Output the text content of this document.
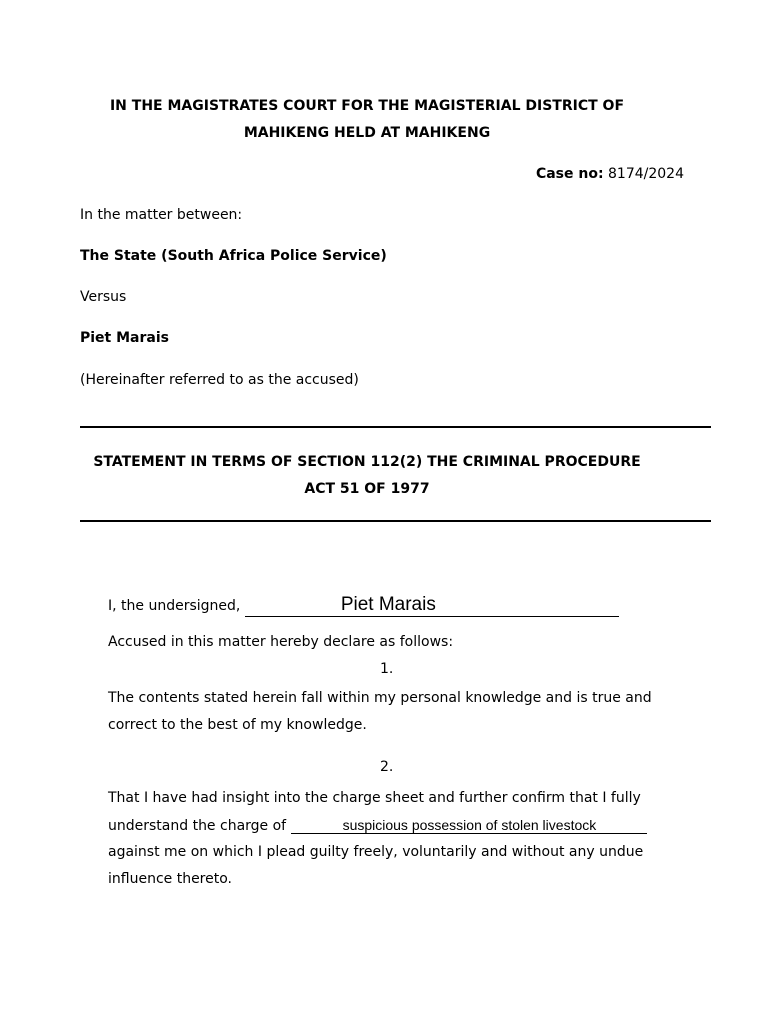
IN THE MAGISTRATES COURT FOR THE MAGISTERIAL DISTRICT OF
MAHIKENG HELD AT MAHIKENG
Case no: 8174/2024
In the matter between:
The State (South Africa Police Service)
Versus
Piet Marais
(Hereinafter referred to as the accused)
STATEMENT IN TERMS OF SECTION 112(2) THE CRIMINAL PROCEDURE
ACT 51 OF 1977
I, the undersigned,	Piet Marais
Accused in this matter hereby declare as follows:
1.
The contents stated herein fall within my personal knowledge and is true and
correct to the best of my knowledge.
2.
That I have had insight into the charge sheet and further confirm that I fully
understand the charge of	suspicious possession of stolen livestock
against me on which I plead guilty freely, voluntarily and without any undue
influence thereto.
